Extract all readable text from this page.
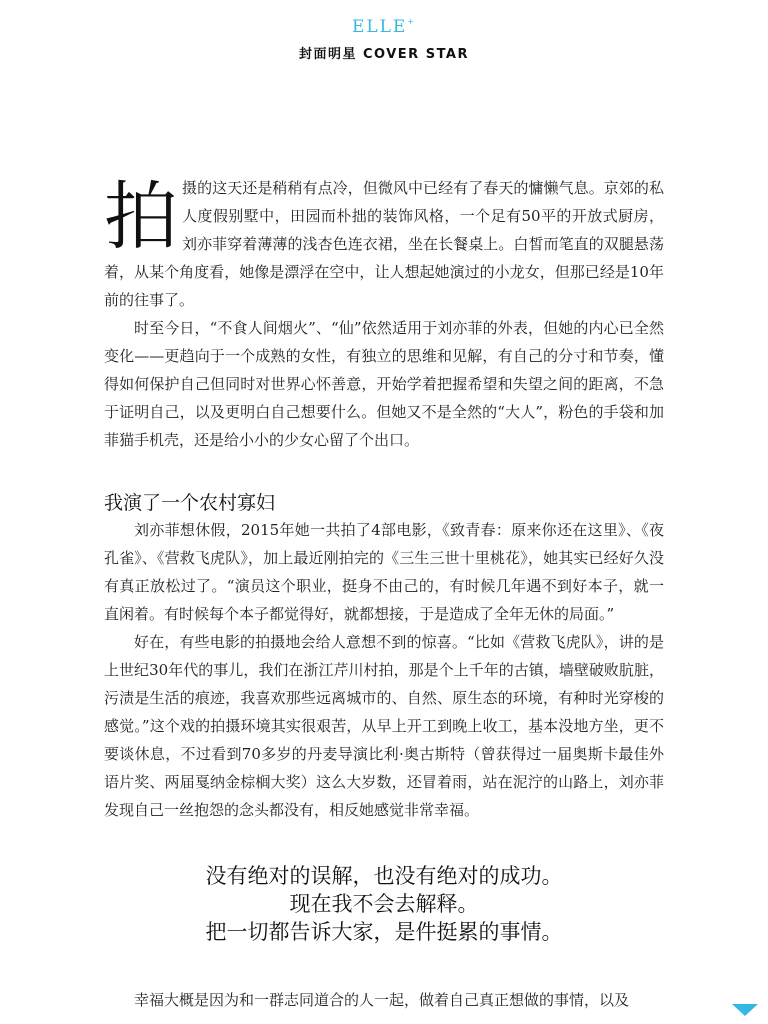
ELLE+
封面明星 COVER STAR
拍 摄的这天还是稍稍有点冷，但微风中已经有了春天的慵懒气息。京郊的私人度假别墅中，田园而朴拙的装饰风格，一个足有50平的开放式厨房，刘亦菲穿着薄薄的浅杏色连衣裙，坐在长餐桌上。白皙而笔直的双腿悬荡着，从某个角度看，她像是漂浮在空中，让人想起她演过的小龙女，但那已经是10年前的往事了。

时至今日，“不食人间烟火”、“仙”依然适用于刘亦菲的外表，但她的内心已全然变化——更趋向于一个成熟的女性，有独立的思维和见解，有自己的分寸和节奏，懂得如何保护自己但同时对世界心怀善意，开始学着把握希望和失望之间的距离，不急于证明自己，以及更明白自己想要什么。但她又不是全然的“大人”，粉色的手袋和加菲猫手机壳，还是给小小的少女心留了个出口。

我演了一个农村寡妇

刘亦菲想休假，2015年她一共拍了4部电影，《致青春：原来你还在这里》、《夜孔雀》、《营救飞虎队》，加上最近刚拍完的《三生三世十里桃花》，她其实已经好久没有真正放松过了。“演员这个职业，挺身不由己的，有时候几年遇不到好本子，就一直闲着。有时候每个本子都觉得好，就都想接，于是造成了全年无休的局面。”

好在，有些电影的拍摄地会给人意想不到的惊喜。“比如《营救飞虎队》，讲的是上世纪30年代的事儿，我们在浙江芹川村拍，那是个上千年的古镇，墙壁破败肮脏，污渍是生活的痕迹，我喜欢那些远离城市的、自然、原生态的环境，有种时光穿梭的感觉。”这个戏的拍摄环境其实很艰苦，从早上开工到晚上收工，基本没地方坐，更不要谈休息，不过看到70多岁的丹麦导演比利·奥古斯特（曾获得过一届奥斯卡最佳外语片奖、两届戛纳金棕榈大奖）这么大岁数，还冒着雨，站在泥泞的山路上，刘亦菲发现自己一丝抱怨的念头都没有，相反她感觉非常幸福。

没有绝对的误解，也没有绝对的成功。
现在我不会去解释。
把一切都告诉大家，是件挺累的事情。

幸福大概是因为和一群志同道合的人一起，做着自己真正想做的事情，以及
